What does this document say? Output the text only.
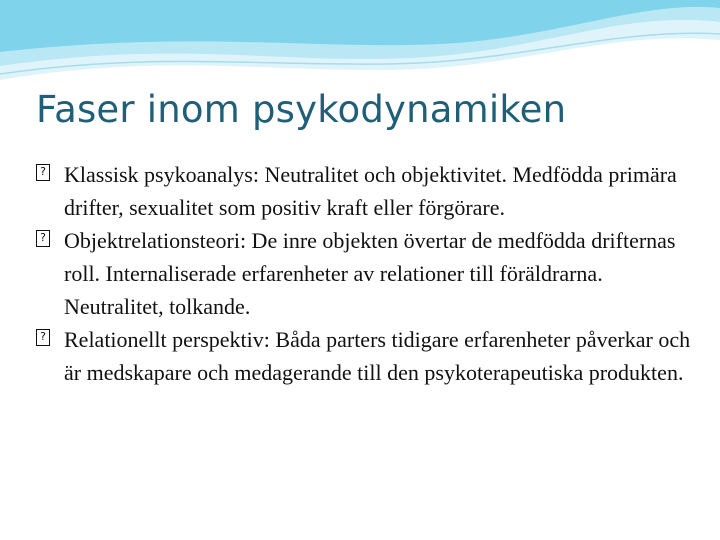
Faser inom psykodynamiken
? Klassisk psykoanalys: Neutralitet och objektivitet. Medfödda primära drifter, sexualitet som positiv kraft eller förgörare.
? Objektrelationsteori: De inre objekten övertar de medfödda drifternas roll. Internaliserade erfarenheter av relationer till föräldrarna. Neutralitet, tolkande.
? Relationellt perspektiv: Båda parters tidigare erfarenheter påverkar och är medskapare och medagerande till den psykoterapeutiska produkten.
